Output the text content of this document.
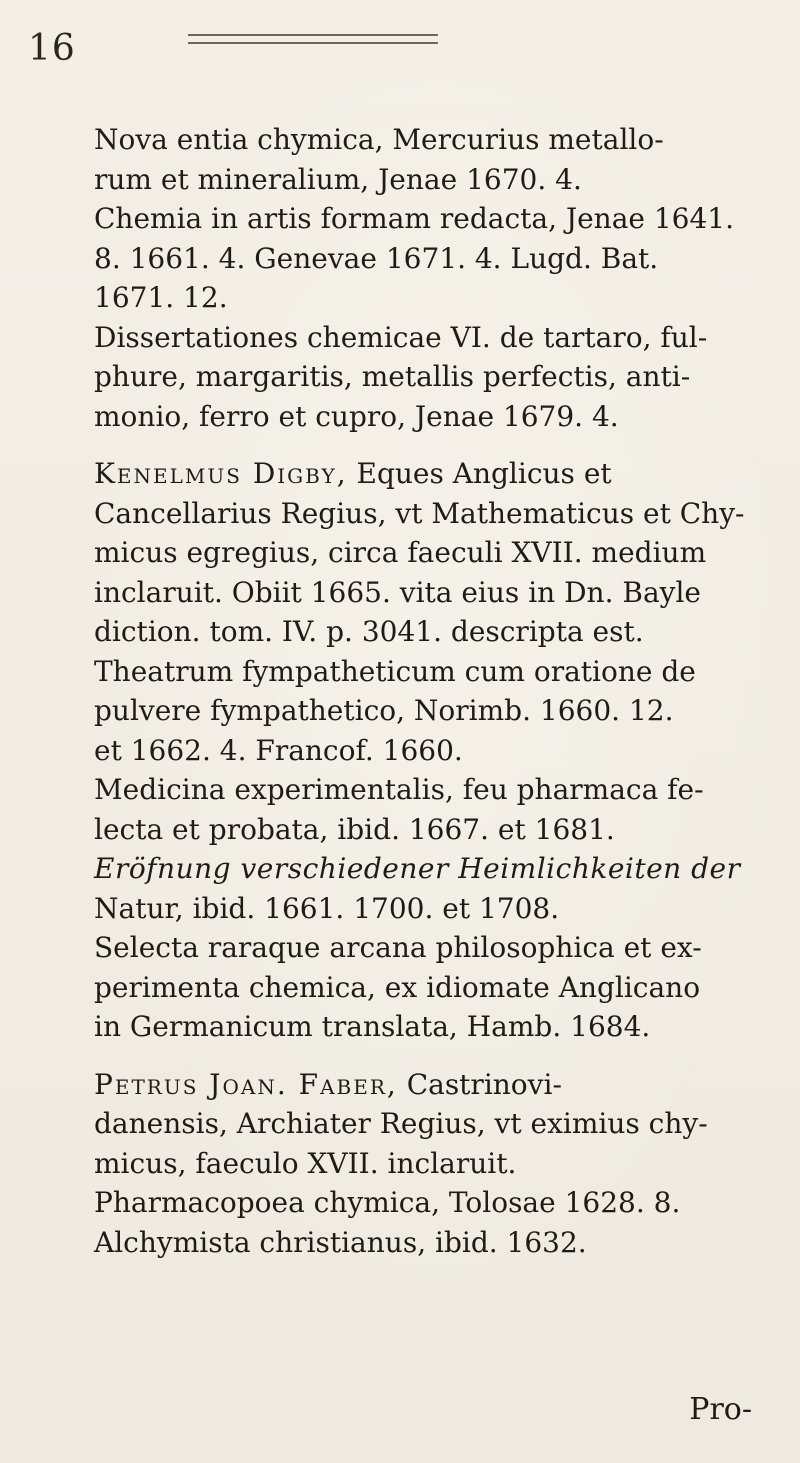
16

Nova entia chymica, Mercurius metallo-
rum et mineralium, Jenae 1670. 4.

Chemia in artis formam redacta, Jenae 1641.
8. 1661. 4. Genevae 1671. 4. Lugd. Bat.
1671. 12.

Dissertationes chemicae VI. de tartaro, ful-
phure, margaritis, metallis perfectis, anti-
monio, ferro et cupro, Jenae 1679. 4.

Kenelmus Digby, Eques Anglicus et
Cancellarius Regius, vt Mathematicus et Chy-
micus egregius, circa faeculi XVII. medium
inclaruit. Obiit 1665. vita eius in Dn. Bayle
diction. tom. IV. p. 3041. descripta est.

Theatrum fympatheticum cum oratione de
pulvere fympathetico, Norimb. 1660. 12.
et 1662. 4. Francof. 1660.

Medicina experimentalis, feu pharmaca fe-
lecta et probata, ibid. 1667. et 1681.

Eröfnung verschiedener Heimlichkeiten der
Natur, ibid. 1661. 1700. et 1708.

Selecta raraque arcana philosophica et ex-
perimenta chemica, ex idiomate Anglicano
in Germanicum translata, Hamb. 1684.

Petrus Joan. Faber, Castrinovi-
danensis, Archiater Regius, vt eximius chy-
micus, faeculo XVII. inclaruit.

Pharmacopoea chymica, Tolosae 1628. 8.
Alchymista christianus, ibid. 1632.

Pro-
